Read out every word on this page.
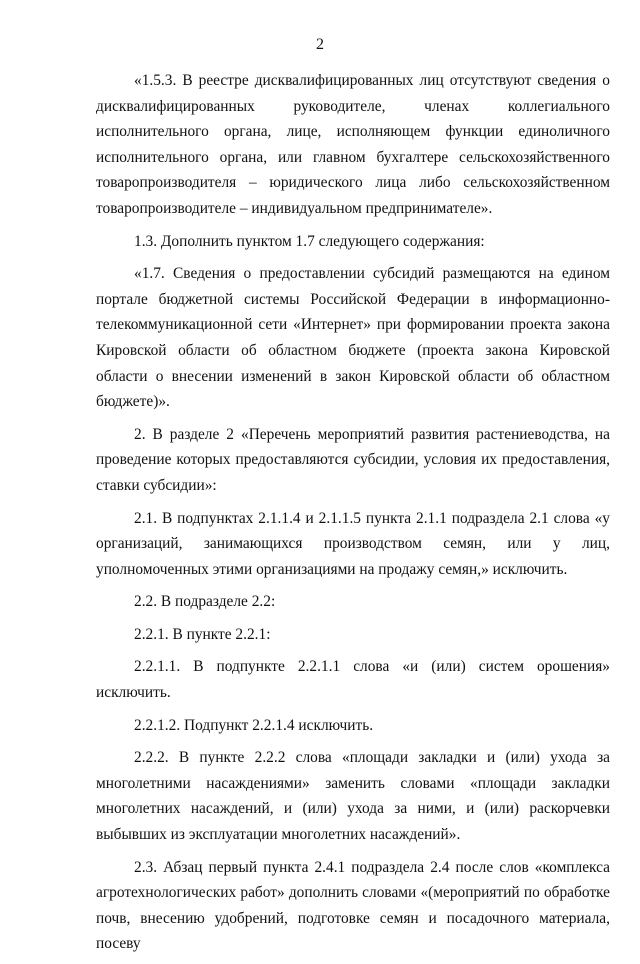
2

«1.5.3. В реестре дисквалифицированных лиц отсутствуют сведения о дисквалифицированных руководителе, членах коллегиального исполнительного органа, лице, исполняющем функции единоличного исполнительного органа, или главном бухгалтере сельскохозяйственного товаропроизводителя – юридического лица либо сельскохозяйственном товаропроизводителе – индивидуальном предпринимателе».

1.3. Дополнить пунктом 1.7 следующего содержания:

«1.7. Сведения о предоставлении субсидий размещаются на едином портале бюджетной системы Российской Федерации в информационно-телекоммуникационной сети «Интернет» при формировании проекта закона Кировской области об областном бюджете (проекта закона Кировской области о внесении изменений в закон Кировской области об областном бюджете)».

2. В разделе 2 «Перечень мероприятий развития растениеводства, на проведение которых предоставляются субсидии, условия их предоставления, ставки субсидии»:

2.1. В подпунктах 2.1.1.4 и 2.1.1.5 пункта 2.1.1 подраздела 2.1 слова «у организаций, занимающихся производством семян, или у лиц, уполномоченных этими организациями на продажу семян,» исключить.

2.2. В подразделе 2.2:

2.2.1. В пункте 2.2.1:

2.2.1.1. В подпункте 2.2.1.1 слова «и (или) систем орошения» исключить.

2.2.1.2. Подпункт 2.2.1.4 исключить.

2.2.2. В пункте 2.2.2 слова «площади закладки и (или) ухода за многолетними насаждениями» заменить словами «площади закладки многолетних насаждений, и (или) ухода за ними, и (или) раскорчевки выбывших из эксплуатации многолетних насаждений».

2.3. Абзац первый пункта 2.4.1 подраздела 2.4 после слов «комплекса агротехнологических работ» дополнить словами «(мероприятий по обработке почв, внесению удобрений, подготовке семян и посадочного материала, посеву
